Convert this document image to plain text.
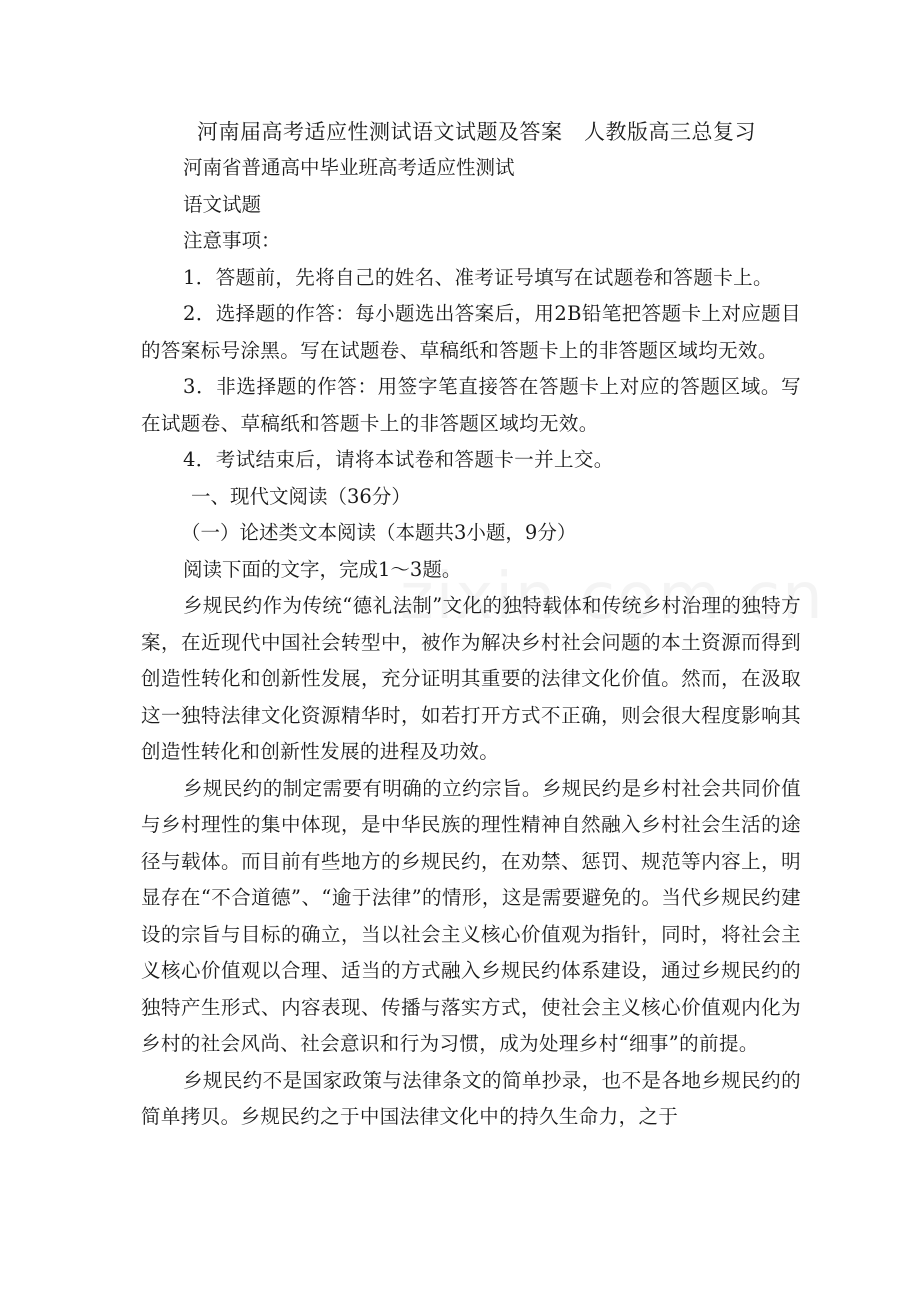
河南届高考适应性测试语文试题及答案　人教版高三总复习
河南省普通高中毕业班高考适应性测试
语文试题
注意事项：
1．答题前，先将自己的姓名、准考证号填写在试题卷和答题卡上。
2．选择题的作答：每小题选出答案后，用2B铅笔把答题卡上对应题目的答案标号涂黑。写在试题卷、草稿纸和答题卡上的非答题区域均无效。
3．非选择题的作答：用签字笔直接答在答题卡上对应的答题区域。写在试题卷、草稿纸和答题卡上的非答题区域均无效。
4．考试结束后，请将本试卷和答题卡一并上交。
一、现代文阅读（36分）
（一）论述类文本阅读（本题共3小题，9分）
阅读下面的文字，完成1～3题。
乡规民约作为传统“德礼法制”文化的独特载体和传统乡村治理的独特方案，在近现代中国社会转型中，被作为解决乡村社会问题的本土资源而得到创造性转化和创新性发展，充分证明其重要的法律文化价值。然而，在汲取这一独特法律文化资源精华时，如若打开方式不正确，则会很大程度影响其创造性转化和创新性发展的进程及功效。
乡规民约的制定需要有明确的立约宗旨。乡规民约是乡村社会共同价值与乡村理性的集中体现，是中华民族的理性精神自然融入乡村社会生活的途径与载体。而目前有些地方的乡规民约，在劝禁、惩罚、规范等内容上，明显存在“不合道德”、“逾于法律”的情形，这是需要避免的。当代乡规民约建设的宗旨与目标的确立，当以社会主义核心价值观为指针，同时，将社会主义核心价值观以合理、适当的方式融入乡规民约体系建设，通过乡规民约的独特产生形式、内容表现、传播与落实方式，使社会主义核心价值观内化为乡村的社会风尚、社会意识和行为习惯，成为处理乡村“细事”的前提。
乡规民约不是国家政策与法律条文的简单抄录，也不是各地乡规民约的简单拷贝。乡规民约之于中国法律文化中的持久生命力，之于
